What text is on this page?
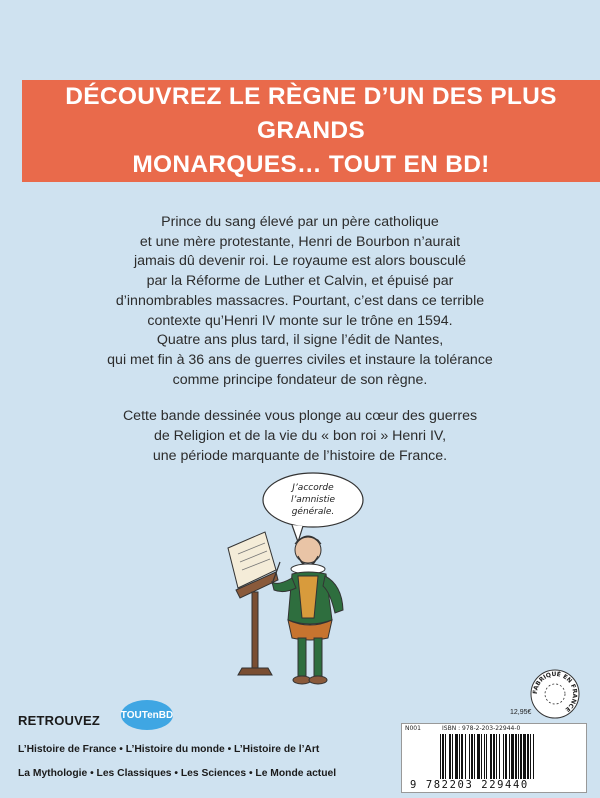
DÉCOUVREZ LE RÈGNE D’UN DES PLUS GRANDS
MONARQUES… TOUT EN BD!

Prince du sang élevé par un père catholique
et une mère protestante, Henri de Bourbon n’aurait
jamais dû devenir roi. Le royaume est alors bousculé
par la Réforme de Luther et Calvin, et épuisé par
d’innombrables massacres. Pourtant, c’est dans ce terrible
contexte qu’Henri IV monte sur le trône en 1594.
Quatre ans plus tard, il signe l’édit de Nantes,
qui met fin à 36 ans de guerres civiles et instaure la tolérance
comme principe fondateur de son règne.

Cette bande dessinée vous plonge au cœur des guerres
de Religion et de la vie du « bon roi » Henri IV,
une période marquante de l’histoire de France.

J’accorde
l’amnistie
générale.
RETROUVEZ TOUTenBD
L’Histoire de France • L’Histoire du monde • L’Histoire de l’Art
La Mythologie • Les Classiques • Les Sciences • Le Monde actuel
FABRIQUÉ EN FRANCE
12,95€
N001	ISBN : 978-2-203-22944-0
9 782203 229440
